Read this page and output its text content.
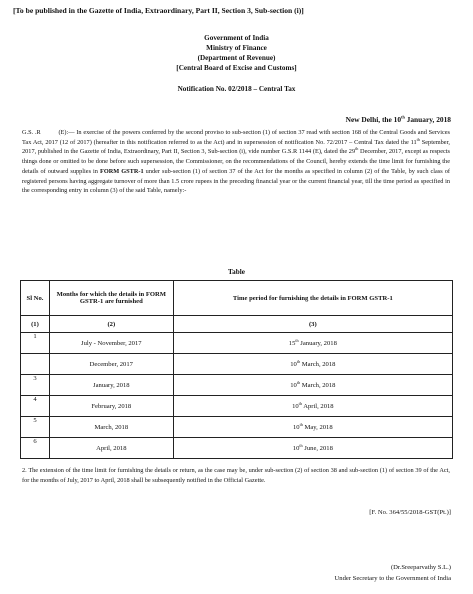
[To be published in the Gazette of India, Extraordinary, Part II, Section 3, Sub-section (i)]
Government of India
Ministry of Finance
(Department of Revenue)
[Central Board of Excise and Customs]
Notification No. 02/2018 – Central Tax
New Delhi, the 10th January, 2018
G.S. .R	(E):— In exercise of the powers conferred by the second proviso to sub-section (1) of section 37 read with section 168 of the Central Goods and Services Tax Act, 2017 (12 of 2017) (hereafter in this notification referred to as the Act) and in supersession of notification No. 72/2017 – Central Tax dated the 11th September, 2017, published in the Gazette of India, Extraordinary, Part II, Section 3, Sub-section (i), vide number G.S.R 1144 (E), dated the 29th December, 2017, except as respects things done or omitted to be done before such supersession, the Commissioner, on the recommendations of the Council, hereby extends the time limit for furnishing the details of outward supplies in FORM GSTR-1 under sub-section (1) of section 37 of the Act for the months as specified in column (2) of the Table, by such class of registered persons having aggregate turnover of more than 1.5 crore rupees in the preceding financial year or the current financial year, till the time period as specified in the corresponding entry in column (3) of the said Table, namely:-
Table
Sl No.	Months for which the details in FORM GSTR-1 are furnished	Time period for furnishing the details in FORM GSTR-1
(1)	(2)	(3)
1	July - November, 2017	15th January, 2018
	December, 2017	10th March, 2018
3	January, 2018	10th March, 2018
4	February, 2018	10th April, 2018
5	March, 2018	10th May, 2018
6	April, 2018	10th June, 2018
2. The extension of the time limit for furnishing the details or return, as the case may be, under sub-section (2) of section 38 and sub-section (1) of section 39 of the Act, for the months of July, 2017 to April, 2018 shall be subsequently notified in the Official Gazette.
[F. No. 364/55/2018-GST(Pt.)]
(Dr.Sreeparvathy S.L.)
Under Secretary to the Government of India
